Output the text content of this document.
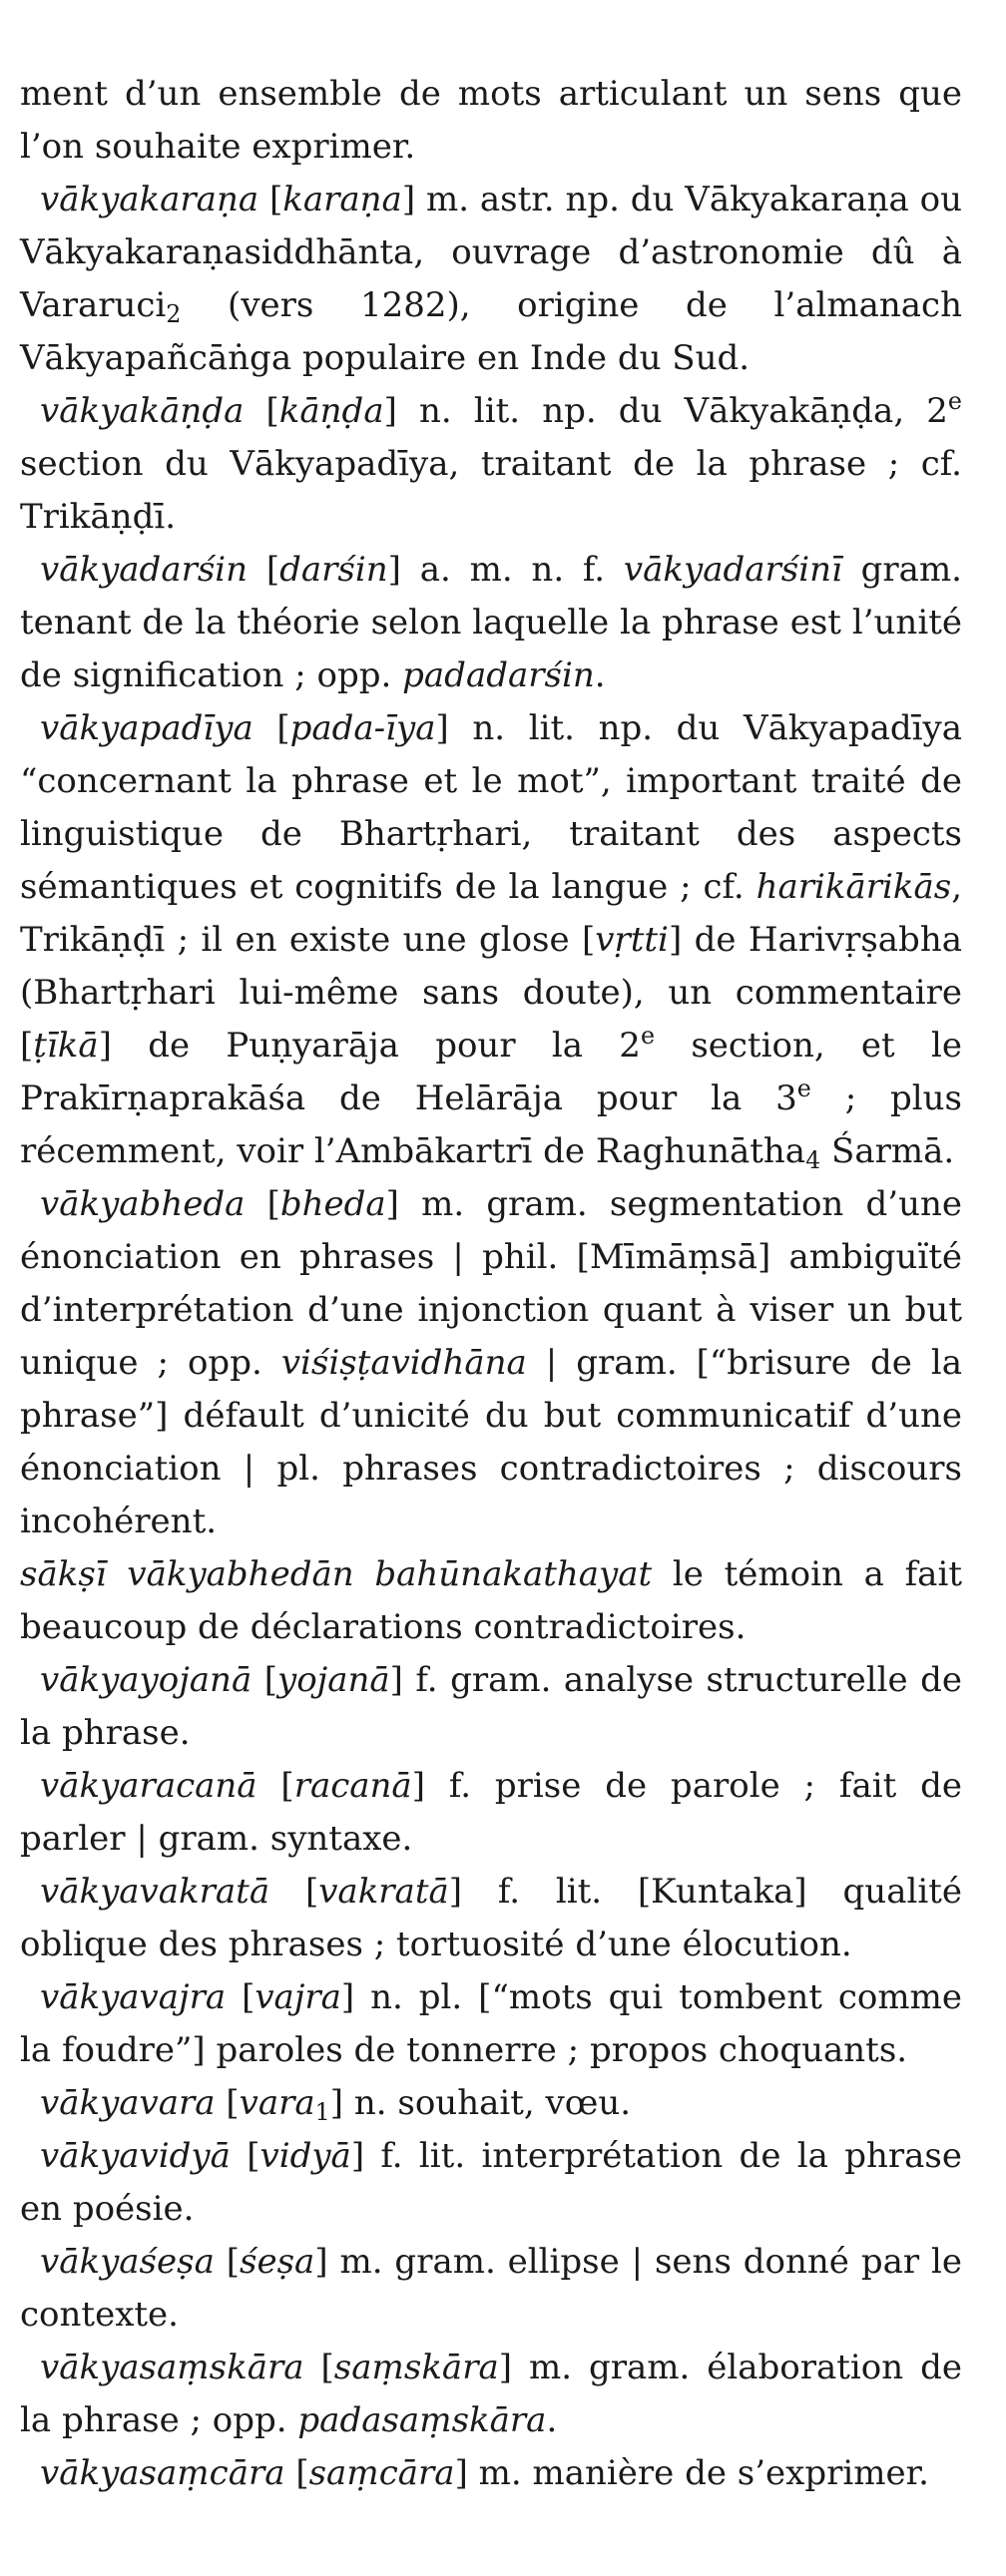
ment d’un ensemble de mots articulant un sens que l’on souhaite exprimer.

vākyakaraṇa [karaṇa] m. astr. np. du Vākyakaraṇa ou Vākyakaraṇasiddhānta, ouvrage d’astronomie dû à Vararuci$_2$ (vers 1282), origine de l’almanach Vākyapañcāṅga populaire en Inde du Sud.

vākyakāṇḍa [kāṇḍa] n. lit. np. du Vākyakāṇḍa, 2e section du Vākyapadīya, traitant de la phrase ; cf. Trikāṇḍī.

vākyadarśin [darśin] a. m. n. f. vākyadarśinī gram. tenant de la théorie selon laquelle la phrase est l’unité de signification ; opp. padadarśin.

vākyapadīya [pada-īya] n. lit. np. du Vākyapadīya “concernant la phrase et le mot”, important traité de linguistique de Bhartṛhari, traitant des aspects sémantiques et cognitifs de la langue ; cf. harikārikās, Trikāṇḍī ; il en existe une glose [vṛtti] de Harivṛṣabha (Bhartṛhari lui-même sans doute), un commentaire [ṭīkā] de Puṇyarāja pour la 2e section, et le Prakīrṇaprakāśa de Helārāja pour la 3e ; plus récemment, voir l’Ambākartrī de Raghunātha$_4$ Śarmā.

vākyabheda [bheda] m. gram. segmentation d’une énonciation en phrases | phil. [Mīmāṃsā] ambiguïté d’interprétation d’une injonction quant à viser un but unique ; opp. viśiṣṭavidhāna | gram. [“brisure de la phrase”] défault d’unicité du but communicatif d’une énonciation | pl. phrases contradictoires ; discours incohérent.

sākṣī vākyabhedān bahūnakathayat le témoin a fait beaucoup de déclarations contradictoires.

vākyayojanā [yojanā] f. gram. analyse structurelle de la phrase.

vākyaracanā [racanā] f. prise de parole ; fait de parler | gram. syntaxe.

vākyavakratā [vakratā] f. lit. [Kuntaka] qualité oblique des phrases ; tortuosité d’une élocution.

vākyavajra [vajra] n. pl. [“mots qui tombent comme la foudre”] paroles de tonnerre ; propos choquants.

vākyavara [vara$_1$] n. souhait, vœu.

vākyavidyā [vidyā] f. lit. interprétation de la phrase en poésie.

vākyaśeṣa [śeṣa] m. gram. ellipse | sens donné par le contexte.

vākyasaṃskāra [saṃskāra] m. gram. élaboration de la phrase ; opp. padasaṃskāra.

vākyasaṃcāra [saṃcāra] m. manière de s’exprimer.
